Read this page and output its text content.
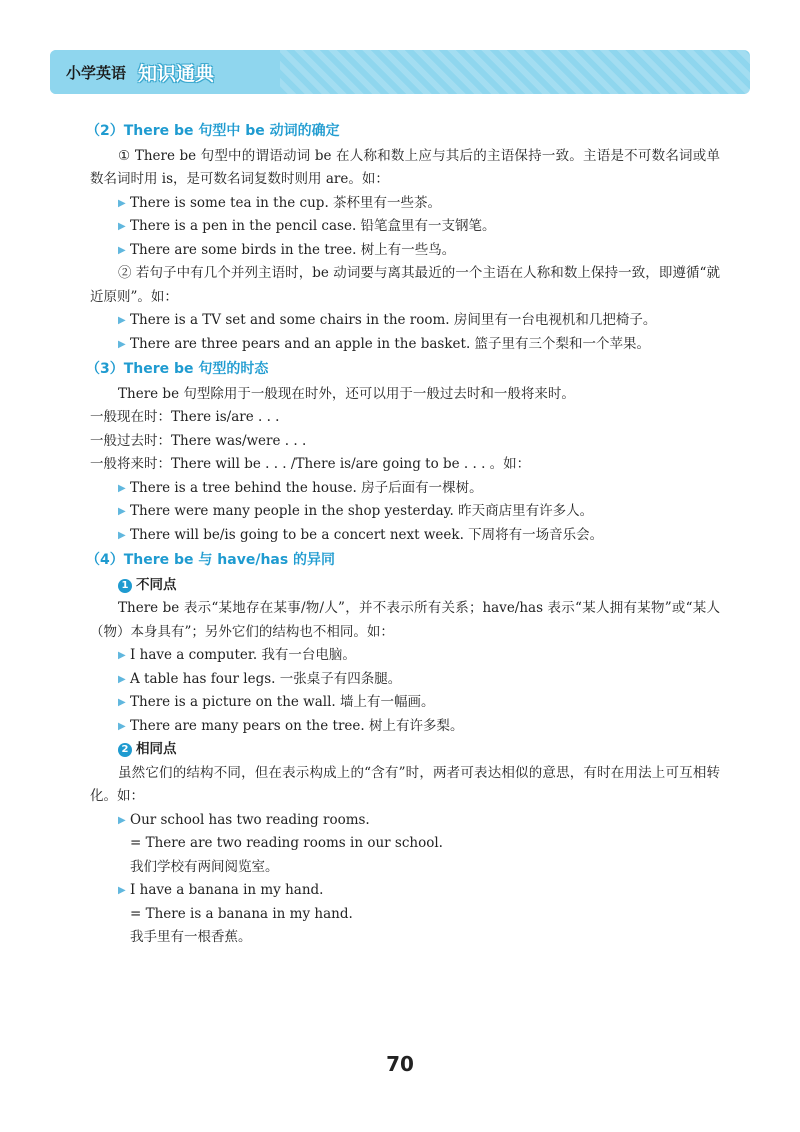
小学英语 知识通典
（2）There be 句型中 be 动词的确定
① There be 句型中的谓语动词 be 在人称和数上应与其后的主语保持一致。主语是不可数名词或单数名词时用 is，是可数名词复数时则用 are。如：
▶ There is some tea in the cup. 茶杯里有一些茶。
▶ There is a pen in the pencil case. 铅笔盒里有一支钢笔。
▶ There are some birds in the tree. 树上有一些鸟。
② 若句子中有几个并列主语时，be 动词要与离其最近的一个主语在人称和数上保持一致，即遵循“就近原则”。如：
▶ There is a TV set and some chairs in the room. 房间里有一台电视机和几把椅子。
▶ There are three pears and an apple in the basket. 篮子里有三个梨和一个苹果。
（3）There be 句型的时态
There be 句型除用于一般现在时外，还可以用于一般过去时和一般将来时。
一般现在时：There is/are . . .
一般过去时：There was/were . . .
一般将来时：There will be . . . /There is/are going to be . . . 。如：
▶ There is a tree behind the house. 房子后面有一棵树。
▶ There were many people in the shop yesterday. 昨天商店里有许多人。
▶ There will be/is going to be a concert next week. 下周将有一场音乐会。
（4）There be 与 have/has 的异同
1 不同点
There be 表示“某地存在某事/物/人”，并不表示所有关系；have/has 表示“某人拥有某物”或“某人（物）本身具有”；另外它们的结构也不相同。如：
▶ I have a computer. 我有一台电脑。
▶ A table has four legs. 一张桌子有四条腿。
▶ There is a picture on the wall. 墙上有一幅画。
▶ There are many pears on the tree. 树上有许多梨。
2 相同点
虽然它们的结构不同，但在表示构成上的“含有”时，两者可表达相似的意思，有时在用法上可互相转化。如：
▶ Our school has two reading rooms.
= There are two reading rooms in our school.
我们学校有两间阅览室。
▶ I have a banana in my hand.
= There is a banana in my hand.
我手里有一根香蕉。
70
